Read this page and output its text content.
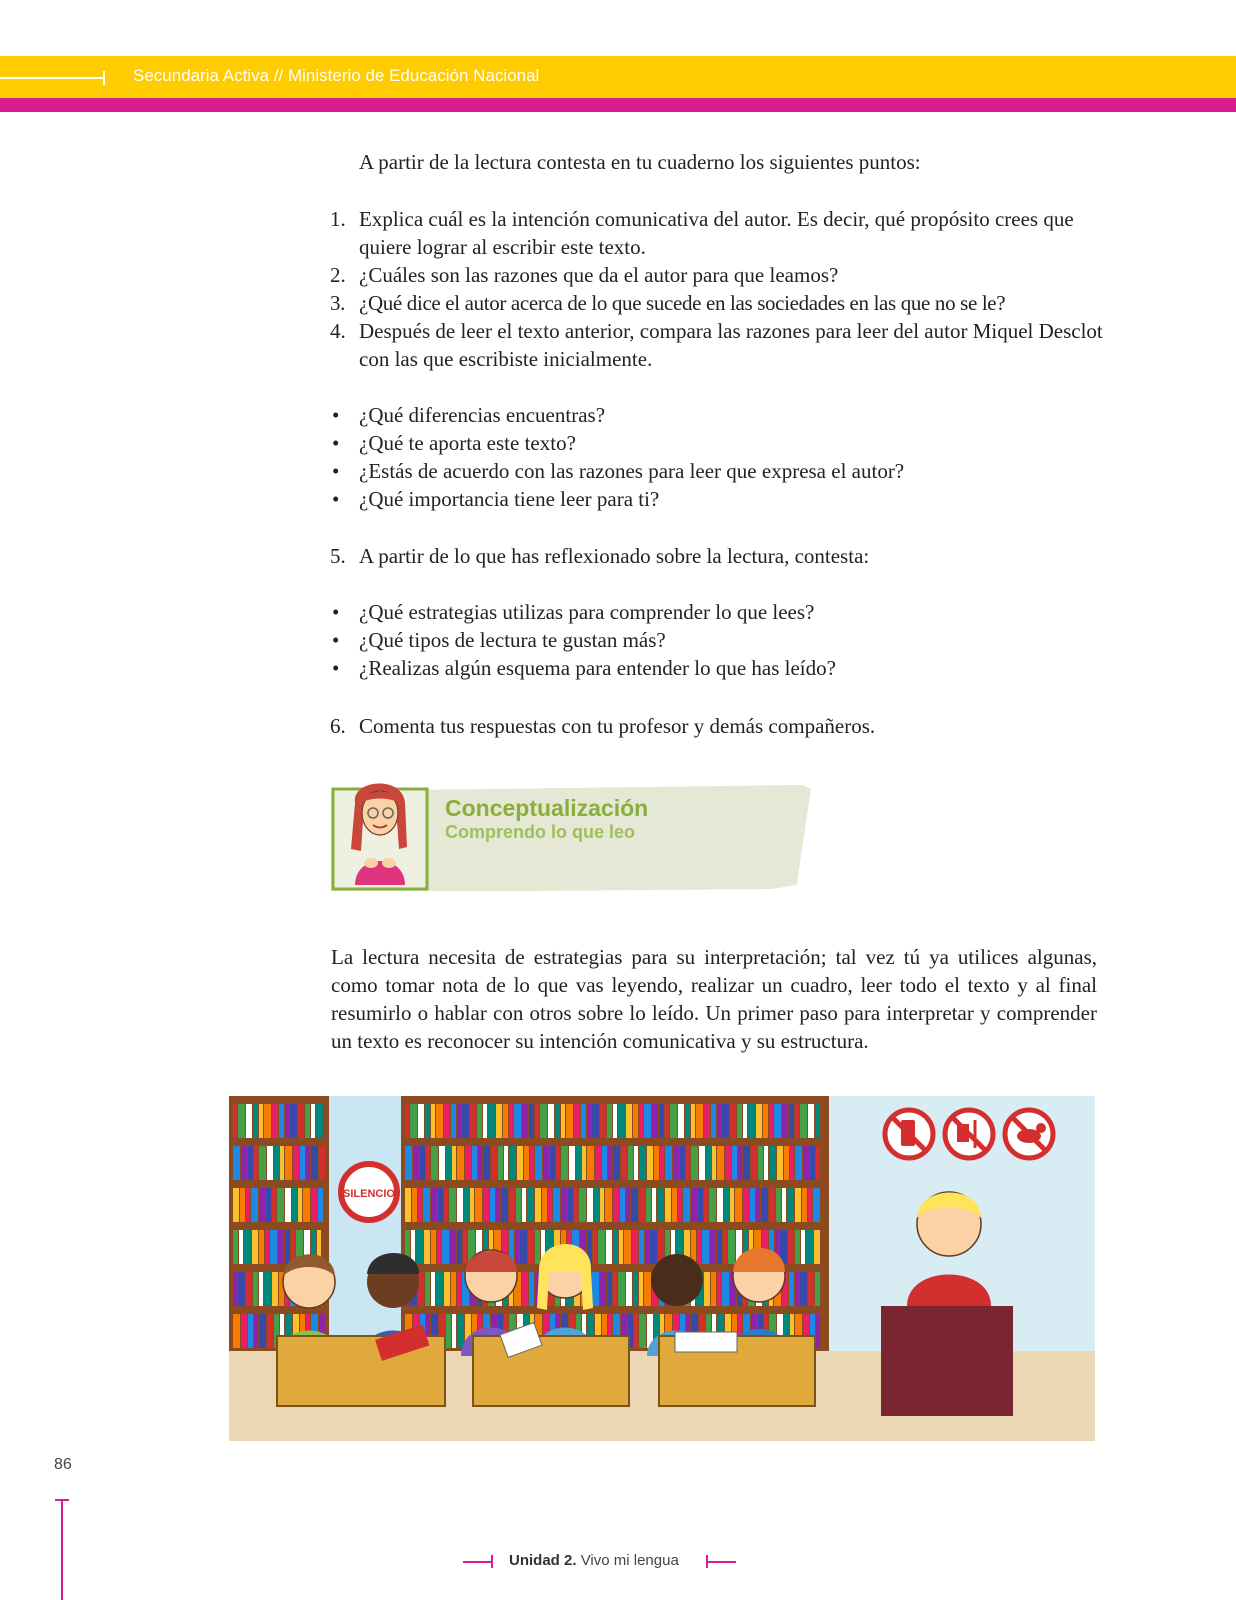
Secundaria Activa // Ministerio de Educación Nacional
A partir de la lectura contesta en tu cuaderno los siguientes puntos:
1. Explica cuál es la intención comunicativa del autor. Es decir, qué propósito crees que quiere lograr al escribir este texto.
2. ¿Cuáles son las razones que da el autor para que leamos?
3. ¿Qué dice el autor acerca de lo que sucede en las sociedades en las que no se le?
4. Después de leer el texto anterior, compara las razones para leer del autor Miquel Desclot con las que escribiste inicialmente.
• ¿Qué diferencias encuentras?
• ¿Qué te aporta este texto?
• ¿Estás de acuerdo con las razones para leer que expresa el autor?
• ¿Qué importancia tiene leer para ti?
5. A partir de lo que has reflexionado sobre la lectura, contesta:
• ¿Qué estrategias utilizas para comprender lo que lees?
• ¿Qué tipos de lectura te gustan más?
• ¿Realizas algún esquema para entender lo que has leído?
6. Comenta tus respuestas con tu profesor y demás compañeros.
Conceptualización
Comprendo lo que leo
La lectura necesita de estrategias para su interpretación; tal vez tú ya utilices algunas, como tomar nota de lo que vas leyendo, realizar un cuadro, leer todo el texto y al final resumirlo o hablar con otros sobre lo leído. Un primer paso para interpretar y comprender un texto es reconocer su intención comunicativa y su estructura.
SILENCIO
86
Unidad 2. Vivo mi lengua
